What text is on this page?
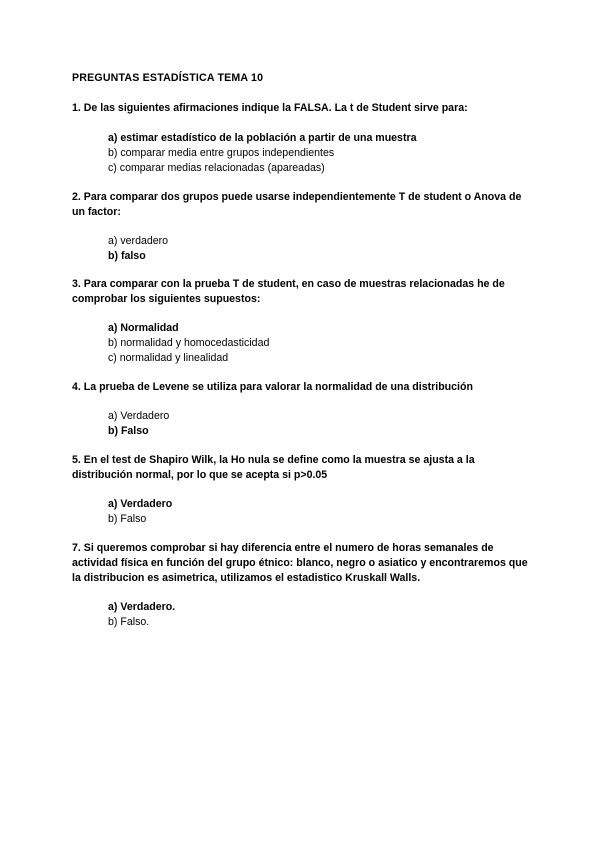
PREGUNTAS ESTADÍSTICA TEMA 10
1. De las siguientes afirmaciones indique la FALSA. La t de Student sirve para:
a) estimar estadístico de la población a partir de una muestra
b) comparar media entre grupos independientes
c) comparar medias relacionadas (apareadas)
2. Para comparar dos grupos puede usarse independientemente T de student o Anova de un factor:
a) verdadero
b) falso
3. Para comparar con la prueba T de student, en caso de muestras relacionadas he de comprobar los siguientes supuestos:
a) Normalidad
b) normalidad y homocedasticidad
c) normalidad y linealidad
4. La prueba de Levene se utiliza para valorar la normalidad de una distribución
a) Verdadero
b) Falso
5. En el test de Shapiro Wilk, la Ho nula se define como la muestra se ajusta a la distribución normal, por lo que se acepta si p>0.05
a) Verdadero
b) Falso
7. Si queremos comprobar si hay diferencia entre el numero de horas semanales de actividad física en función del grupo étnico: blanco, negro o asiatico y encontraremos que la distribucion es asimetrica, utilizamos el estadistico Kruskall Walls.
a) Verdadero.
b) Falso.
